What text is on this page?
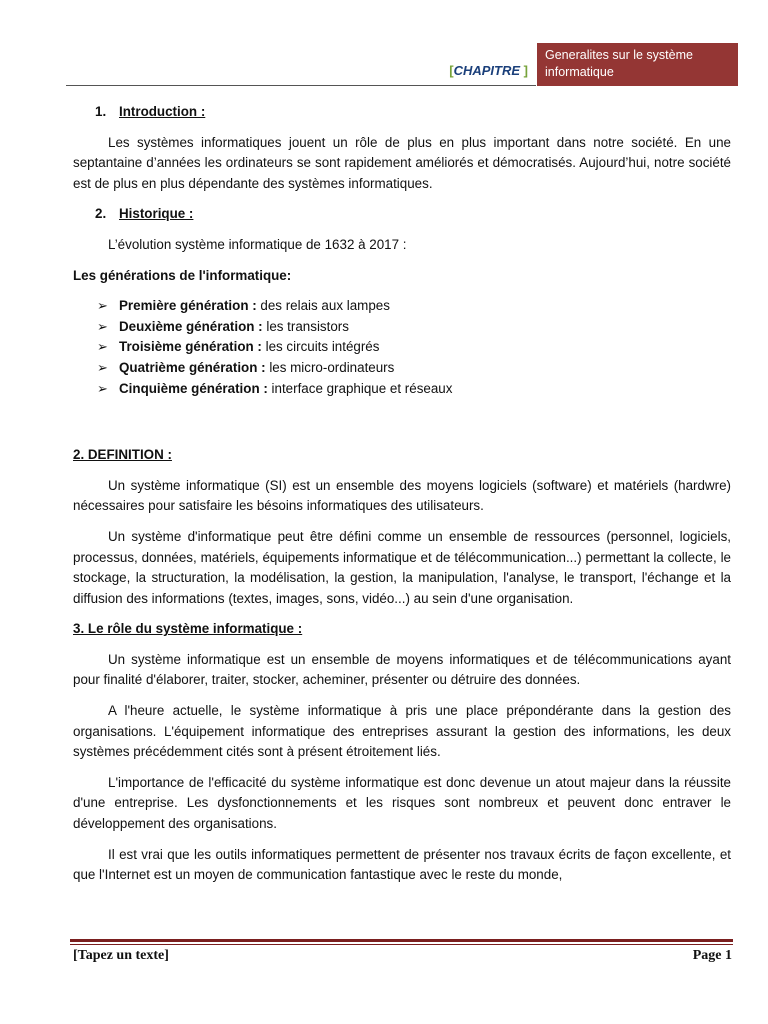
[CHAPITRE ]
Generalites sur le système
informatique
1. Introduction :

Les systèmes informatiques jouent un rôle de plus en plus important dans notre société. En une septantaine d’années les ordinateurs se sont rapidement améliorés et démocratisés. Aujourd’hui, notre société est de plus en plus dépendante des systèmes informatiques.

2. Historique :

L’évolution système informatique de 1632 à 2017 :

Les générations de l'informatique:
➢ Première génération : des relais aux lampes
➢ Deuxième génération : les transistors
➢ Troisième génération : les circuits intégrés
➢ Quatrième génération : les micro-ordinateurs
➢ Cinquième génération : interface graphique et réseaux
2. DEFINITION :

Un système informatique (SI) est un ensemble des moyens logiciels (software) et matériels (hardwre) nécessaires pour satisfaire les bésoins informatiques des utilisateurs.

Un système d'informatique peut être défini comme un ensemble de ressources (personnel, logiciels, processus, données, matériels, équipements informatique et de télécommunication...) permettant la collecte, le stockage, la structuration, la modélisation, la gestion, la manipulation, l'analyse, le transport, l'échange et la diffusion des informations (textes, images, sons, vidéo...) au sein d'une organisation.

3. Le rôle du système informatique :

Un système informatique est un ensemble de moyens informatiques et de télécommunications ayant pour finalité d'élaborer, traiter, stocker, acheminer, présenter ou détruire des données.

A l'heure actuelle, le système informatique à pris une place prépondérante dans la gestion des organisations. L'équipement informatique des entreprises assurant la gestion des informations, les deux systèmes précédemment cités sont à présent étroitement liés.

L'importance de l'efficacité du système informatique est donc devenue un atout majeur dans la réussite d'une entreprise. Les dysfonctionnements et les risques sont nombreux et peuvent donc entraver le développement des organisations.

Il est vrai que les outils informatiques permettent de présenter nos travaux écrits de façon excellente, et que l'Internet est un moyen de communication fantastique avec le reste du monde,

[Tapez un texte]	Page 1
